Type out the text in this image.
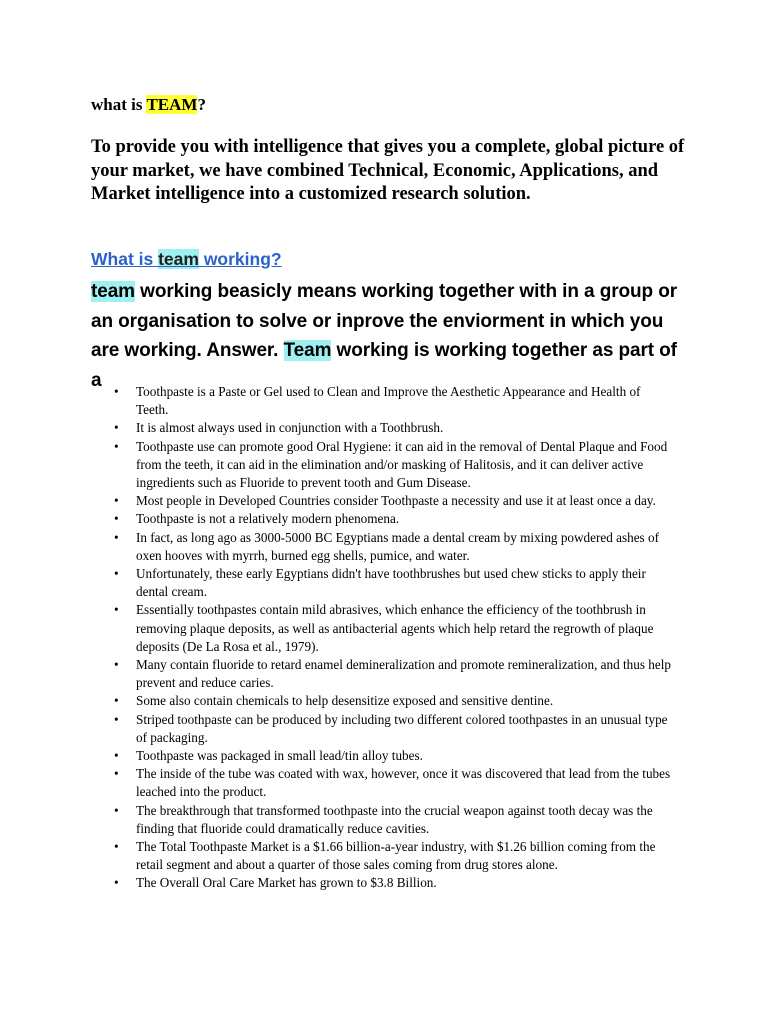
what is TEAM?
To provide you with intelligence that gives you a complete, global picture of your market, we have combined Technical, Economic, Applications, and Market intelligence into a customized research solution.
What is team working?
team working beasicly means working together with in a group or an organisation to solve or inprove the enviorment in which you are working. Answer. Team working is working together as part of a
• Toothpaste is a Paste or Gel used to Clean and Improve the Aesthetic Appearance and Health of Teeth.
• It is almost always used in conjunction with a Toothbrush.
• Toothpaste use can promote good Oral Hygiene: it can aid in the removal of Dental Plaque and Food from the teeth, it can aid in the elimination and/or masking of Halitosis, and it can deliver active ingredients such as Fluoride to prevent tooth and Gum Disease.
• Most people in Developed Countries consider Toothpaste a necessity and use it at least once a day.
• Toothpaste is not a relatively modern phenomena.
• In fact, as long ago as 3000-5000 BC Egyptians made a dental cream by mixing powdered ashes of oxen hooves with myrrh, burned egg shells, pumice, and water.
• Unfortunately, these early Egyptians didn't have toothbrushes but used chew sticks to apply their dental cream.
• Essentially toothpastes contain mild abrasives, which enhance the efficiency of the toothbrush in removing plaque deposits, as well as antibacterial agents which help retard the regrowth of plaque deposits (De La Rosa et al., 1979).
• Many contain fluoride to retard enamel demineralization and promote remineralization, and thus help prevent and reduce caries.
• Some also contain chemicals to help desensitize exposed and sensitive dentine.
• Striped toothpaste can be produced by including two different colored toothpastes in an unusual type of packaging.
• Toothpaste was packaged in small lead/tin alloy tubes.
• The inside of the tube was coated with wax, however, once it was discovered that lead from the tubes leached into the product.
• The breakthrough that transformed toothpaste into the crucial weapon against tooth decay was the finding that fluoride could dramatically reduce cavities.
• The Total Toothpaste Market is a $1.66 billion-a-year industry, with $1.26 billion coming from the retail segment and about a quarter of those sales coming from drug stores alone.
• The Overall Oral Care Market has grown to $3.8 Billion.
